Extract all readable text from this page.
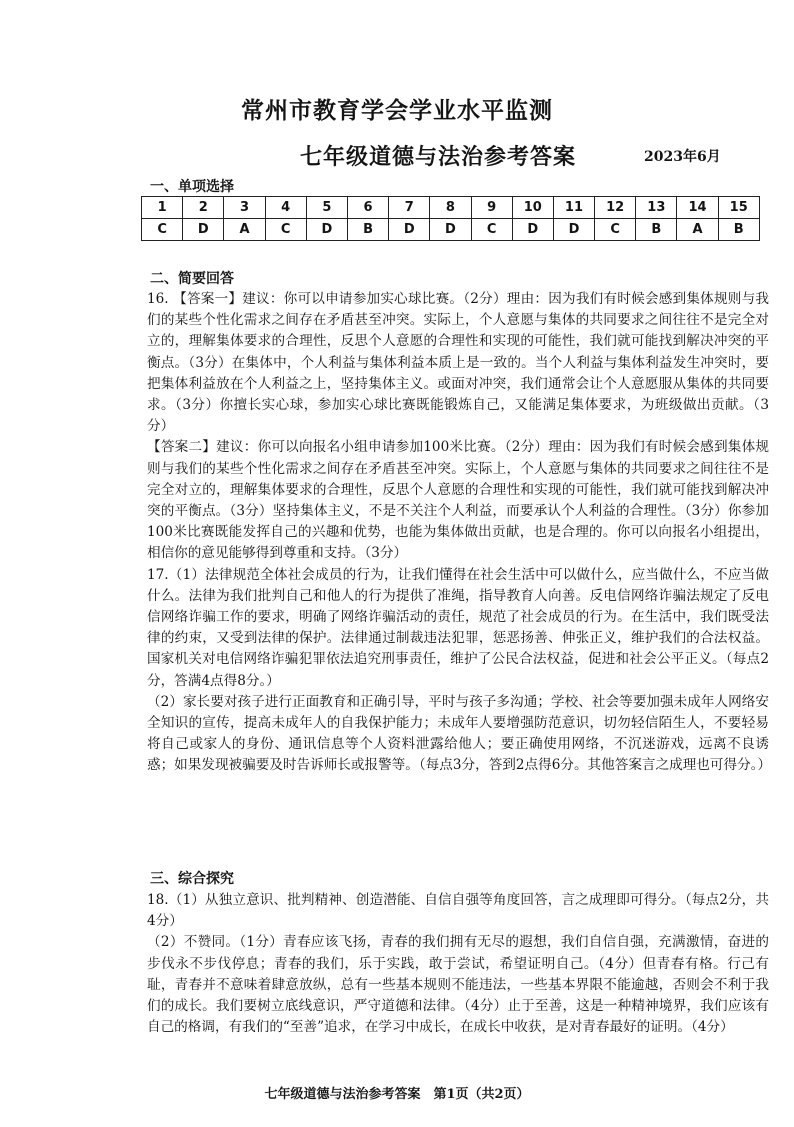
常州市教育学会学业水平监测
七年级道德与法治参考答案	2023年6月
一、单项选择
1	2	3	4	5	6	7	8	9	10	11	12	13	14	15
C	D	A	C	D	B	D	D	C	D	D	C	B	A	B
二、简要回答

16. 【答案一】建议：你可以申请参加实心球比赛。（2分）理由：因为我们有时候会感到集体规则与我们的某些个性化需求之间存在矛盾甚至冲突。实际上，个人意愿与集体的共同要求之间往往不是完全对立的，理解集体要求的合理性，反思个人意愿的合理性和实现的可能性，我们就可能找到解决冲突的平衡点。（3分）在集体中，个人利益与集体利益本质上是一致的。当个人利益与集体利益发生冲突时，要把集体利益放在个人利益之上，坚持集体主义。或面对冲突，我们通常会让个人意愿服从集体的共同要求。（3分）你擅长实心球，参加实心球比赛既能锻炼自己，又能满足集体要求，为班级做出贡献。（3分）

【答案二】建议：你可以向报名小组申请参加100米比赛。（2分）理由：因为我们有时候会感到集体规则与我们的某些个性化需求之间存在矛盾甚至冲突。实际上，个人意愿与集体的共同要求之间往往不是完全对立的，理解集体要求的合理性，反思个人意愿的合理性和实现的可能性，我们就可能找到解决冲突的平衡点。（3分）坚持集体主义，不是不关注个人利益，而要承认个人利益的合理性。（3分）你参加100米比赛既能发挥自己的兴趣和优势，也能为集体做出贡献，也是合理的。你可以向报名小组提出，相信你的意见能够得到尊重和支持。（3分）

17.（1）法律规范全体社会成员的行为，让我们懂得在社会生活中可以做什么，应当做什么，不应当做什么。法律为我们批判自己和他人的行为提供了准绳，指导教育人向善。反电信网络诈骗法规定了反电信网络诈骗工作的要求，明确了网络诈骗活动的责任，规范了社会成员的行为。在生活中，我们既受法律的约束，又受到法律的保护。法律通过制裁违法犯罪，惩恶扬善、伸张正义，维护我们的合法权益。国家机关对电信网络诈骗犯罪依法追究刑事责任，维护了公民合法权益，促进和社会公平正义。（每点2分，答满4点得8分。）

（2）家长要对孩子进行正面教育和正确引导，平时与孩子多沟通；学校、社会等要加强未成年人网络安全知识的宣传，提高未成年人的自我保护能力；未成年人要增强防范意识，切勿轻信陌生人，不要轻易将自己或家人的身份、通讯信息等个人资料泄露给他人；要正确使用网络，不沉迷游戏，远离不良诱惑；如果发现被骗要及时告诉师长或报警等。（每点3分，答到2点得6分。其他答案言之成理也可得分。）

三、综合探究

18.（1）从独立意识、批判精神、创造潜能、自信自强等角度回答，言之成理即可得分。（每点2分，共4分）

（2）不赞同。（1分）青春应该飞扬，青春的我们拥有无尽的遐想，我们自信自强，充满激情，奋进的步伐永不步伐停息；青春的我们，乐于实践，敢于尝试，希望证明自己。（4分）但青春有格。行己有耻，青春并不意味着肆意放纵，总有一些基本规则不能违法，一些基本界限不能逾越，否则会不利于我们的成长。我们要树立底线意识，严守道德和法律。（4分）止于至善，这是一种精神境界，我们应该有自己的格调，有我们的“至善”追求，在学习中成长，在成长中收获，是对青春最好的证明。（4分）

七年级道德与法治参考答案　第1页（共2页）
